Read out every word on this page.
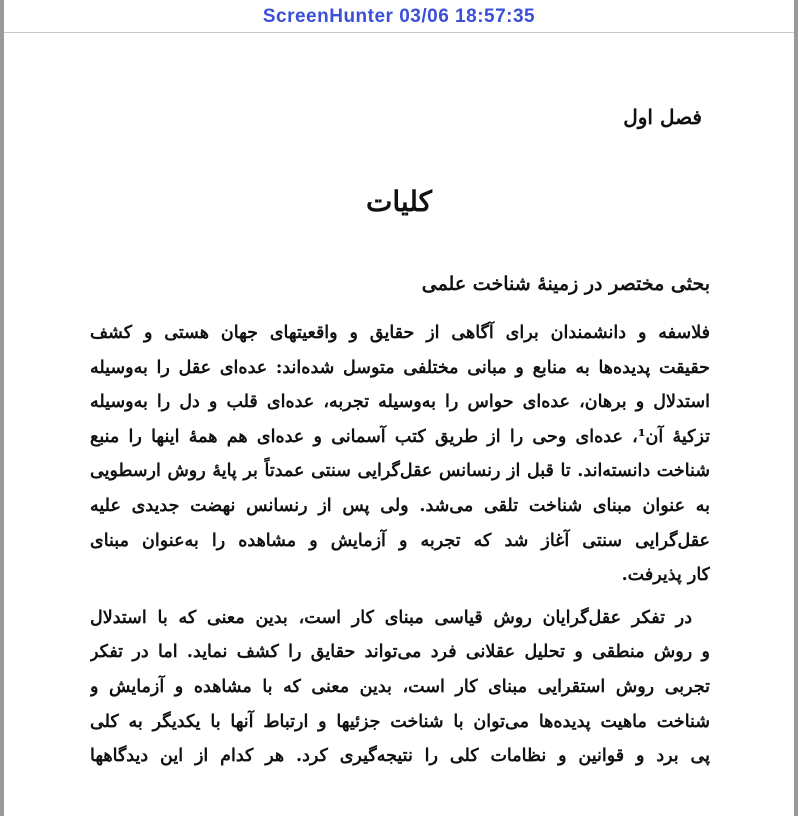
ScreenHunter 03/06 18:57:35
فصل اول
کلیات
بحثی مختصر در زمینهٔ شناخت علمی
فلاسفه و دانشمندان برای آگاهی از حقایق و واقعیتهای جهان هستی و کشف
حقیقت پدیده‌ها به منابع و مبانی مختلفی متوسل شده‌اند: عده‌ای عقل را به‌وسیله
استدلال و برهان، عده‌ای حواس را به‌وسیله تجربه، عده‌ای قلب و دل را به‌وسیله
تزکیهٔ آن¹، عده‌ای وحی را از طریق کتب آسمانی و عده‌ای هم همهٔ اینها را منبع
شناخت دانسته‌اند. تا قبل از رنسانس عقل‌گرایی سنتی عمدتاً بر پایهٔ روش ارسطویی
به عنوان مبنای شناخت تلقی می‌شد. ولی پس از رنسانس نهضت جدیدی علیه
عقل‌گرایی سنتی آغاز شد که تجربه و آزمایش و مشاهده را به‌عنوان مبنای
کار پذیرفت.
در تفکر عقل‌گرایان روش قیاسی مبنای کار است، بدین معنی که با استدلال
و روش منطقی و تحلیل عقلانی فرد می‌تواند حقایق را کشف نماید. اما در تفکر
تجربی روش استقرایی مبنای کار است، بدین معنی که با مشاهده و آزمایش و
شناخت ماهیت پدیده‌ها می‌توان با شناخت جزئیها و ارتباط آنها با یکدیگر به کلی
پی برد و قوانین و نظامات کلی را نتیجه‌گیری کرد. هر کدام از این دیدگاهها
